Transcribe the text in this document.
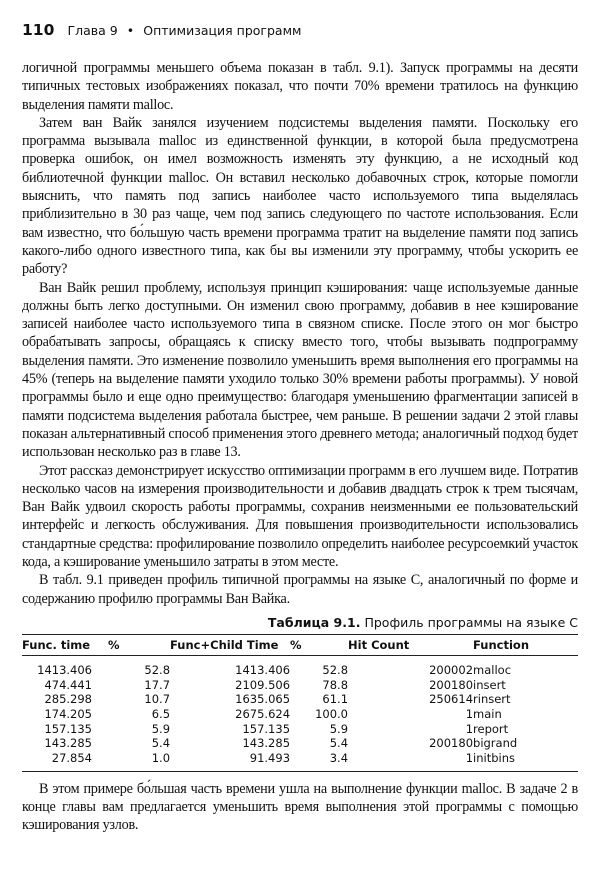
110 Глава 9 • Оптимизация программ

логичной программы меньшего объема показан в табл. 9.1). Запуск программы на десяти типичных тестовых изображениях показал, что почти 70% времени тратилось на функцию выделения памяти malloc.

Затем ван Вайк занялся изучением подсистемы выделения памяти. Поскольку его программа вызывала malloc из единственной функции, в которой была предусмотрена проверка ошибок, он имел возможность изменять эту функцию, а не исходный код библиотечной функции malloc. Он вставил несколько добавочных строк, которые помогли выяснить, что память под запись наиболее часто используемого типа выделялась приблизительно в 30 раз чаще, чем под запись следующего по частоте использования. Если вам известно, что бо́льшую часть времени программа тратит на выделение памяти под запись какого-либо одного известного типа, как бы вы изменили эту программу, чтобы ускорить ее работу?

Ван Вайк решил проблему, используя принцип кэширования: чаще используемые данные должны быть легко доступными. Он изменил свою программу, добавив в нее кэширование записей наиболее часто используемого типа в связном списке. После этого он мог быстро обрабатывать запросы, обращаясь к списку вместо того, чтобы вызывать подпрограмму выделения памяти. Это изменение позволило уменьшить время выполнения его программы на 45% (теперь на выделение памяти уходило только 30% времени работы программы). У новой программы было и еще одно преимущество: благодаря уменьшению фрагментации записей в памяти подсистема выделения работала быстрее, чем раньше. В решении задачи 2 этой главы показан альтернативный способ применения этого древнего метода; аналогичный подход будет использован несколько раз в главе 13.

Этот рассказ демонстрирует искусство оптимизации программ в его лучшем виде. Потратив несколько часов на измерения производительности и добавив двадцать строк к трем тысячам, Ван Вайк удвоил скорость работы программы, сохранив неизменными ее пользовательский интерфейс и легкость обслуживания. Для повышения производительности использовались стандартные средства: профилирование позволило определить наиболее ресурсоемкий участок кода, а кэширование уменьшило затраты в этом месте.

В табл. 9.1 приведен профиль типичной программы на языке С, аналогичный по форме и содержанию профилю программы Ван Вайка.

Таблица 9.1. Профиль программы на языке С
Func. time		%	Func+Child Time	%	Hit Count	Function
1413.406		52.8	1413.406	52.8	200002	malloc
474.441		17.7	2109.506	78.8	200180	insert
285.298		10.7	1635.065	61.1	250614	rinsert
174.205		6.5	2675.624	100.0	1	main
157.135		5.9	157.135	5.9	1	report
143.285		5.4	143.285	5.4	200180	bigrand
27.854		1.0	91.493	3.4	1	initbins

В этом примере бо́льшая часть времени ушла на выполнение функции malloc. В задаче 2 в конце главы вам предлагается уменьшить время выполнения этой программы с помощью кэширования узлов.
